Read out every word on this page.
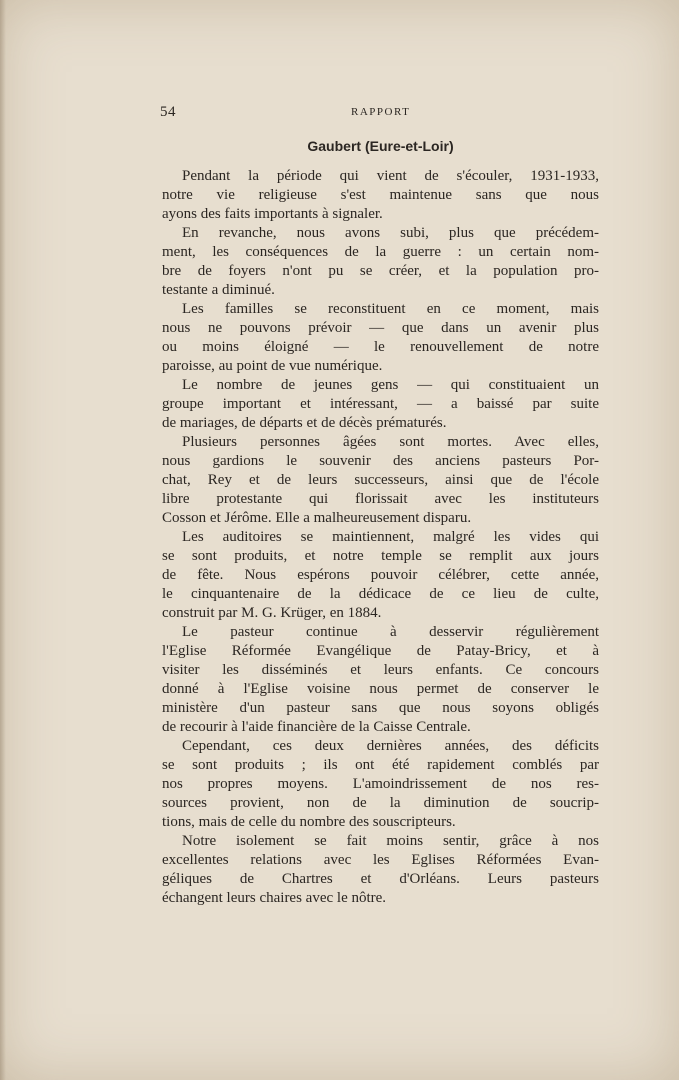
54	RAPPORT
Gaubert (Eure-et-Loir)
Pendant la période qui vient de s'écouler, 1931-1933,
notre vie religieuse s'est maintenue sans que nous
ayons des faits importants à signaler.
En revanche, nous avons subi, plus que précédem-
ment, les conséquences de la guerre : un certain nom-
bre de foyers n'ont pu se créer, et la population pro-
testante a diminué.
Les familles se reconstituent en ce moment, mais
nous ne pouvons prévoir — que dans un avenir plus
ou moins éloigné — le renouvellement de notre
paroisse, au point de vue numérique.
Le nombre de jeunes gens — qui constituaient un
groupe important et intéressant, — a baissé par suite
de mariages, de départs et de décès prématurés.
Plusieurs personnes âgées sont mortes. Avec elles,
nous gardions le souvenir des anciens pasteurs Por-
chat, Rey et de leurs successeurs, ainsi que de l'école
libre protestante qui florissait avec les instituteurs
Cosson et Jérôme. Elle a malheureusement disparu.
Les auditoires se maintiennent, malgré les vides qui
se sont produits, et notre temple se remplit aux jours
de fête. Nous espérons pouvoir célébrer, cette année,
le cinquantenaire de la dédicace de ce lieu de culte,
construit par M. G. Krüger, en 1884.
Le pasteur continue à desservir régulièrement
l'Eglise Réformée Evangélique de Patay-Bricy, et à
visiter les disséminés et leurs enfants. Ce concours
donné à l'Eglise voisine nous permet de conserver le
ministère d'un pasteur sans que nous soyons obligés
de recourir à l'aide financière de la Caisse Centrale.
Cependant, ces deux dernières années, des déficits
se sont produits ; ils ont été rapidement comblés par
nos propres moyens. L'amoindrissement de nos res-
sources provient, non de la diminution de soucrip-
tions, mais de celle du nombre des souscripteurs.
Notre isolement se fait moins sentir, grâce à nos
excellentes relations avec les Eglises Réformées Evan-
géliques de Chartres et d'Orléans. Leurs pasteurs
échangent leurs chaires avec le nôtre.
